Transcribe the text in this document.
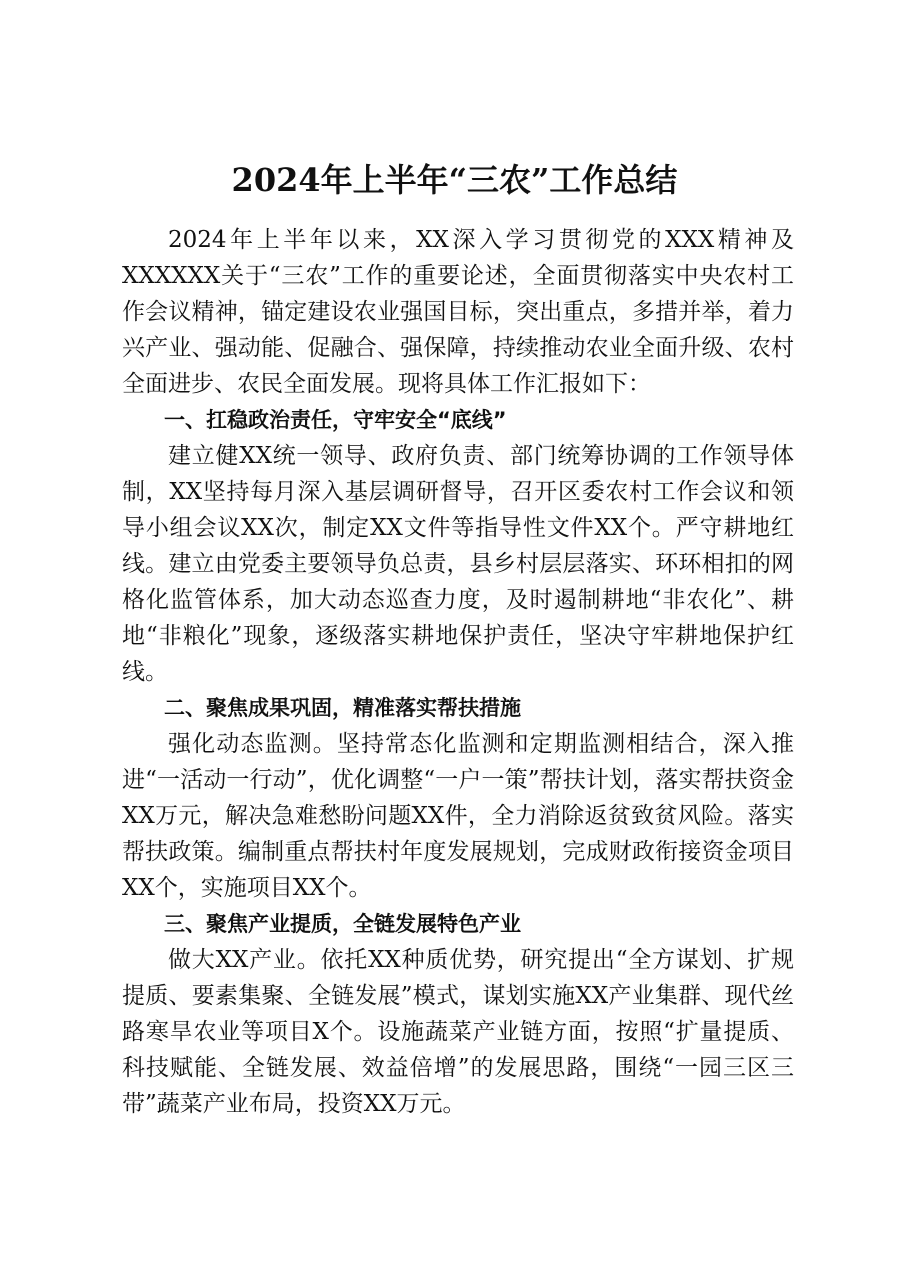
2024年上半年“三农”工作总结

2024年上半年以来，XX深入学习贯彻党的XXX精神及XXXXXX关于“三农”工作的重要论述，全面贯彻落实中央农村工作会议精神，锚定建设农业强国目标，突出重点，多措并举，着力兴产业、强动能、促融合、强保障，持续推动农业全面升级、农村全面进步、农民全面发展。现将具体工作汇报如下：

一、扛稳政治责任，守牢安全“底线”

建立健XX统一领导、政府负责、部门统筹协调的工作领导体制，XX坚持每月深入基层调研督导，召开区委农村工作会议和领导小组会议XX次，制定XX文件等指导性文件XX个。严守耕地红线。建立由党委主要领导负总责，县乡村层层落实、环环相扣的网格化监管体系，加大动态巡查力度，及时遏制耕地“非农化”、耕地“非粮化”现象，逐级落实耕地保护责任，坚决守牢耕地保护红线。

二、聚焦成果巩固，精准落实帮扶措施

强化动态监测。坚持常态化监测和定期监测相结合，深入推进“一活动一行动”，优化调整“一户一策”帮扶计划，落实帮扶资金XX万元，解决急难愁盼问题XX件，全力消除返贫致贫风险。落实帮扶政策。编制重点帮扶村年度发展规划，完成财政衔接资金项目XX个，实施项目XX个。

三、聚焦产业提质，全链发展特色产业

做大XX产业。依托XX种质优势，研究提出“全方谋划、扩规提质、要素集聚、全链发展”模式，谋划实施XX产业集群、现代丝路寒旱农业等项目X个。设施蔬菜产业链方面，按照“扩量提质、科技赋能、全链发展、效益倍增”的发展思路，围绕“一园三区三带”蔬菜产业布局，投资XX万元。
